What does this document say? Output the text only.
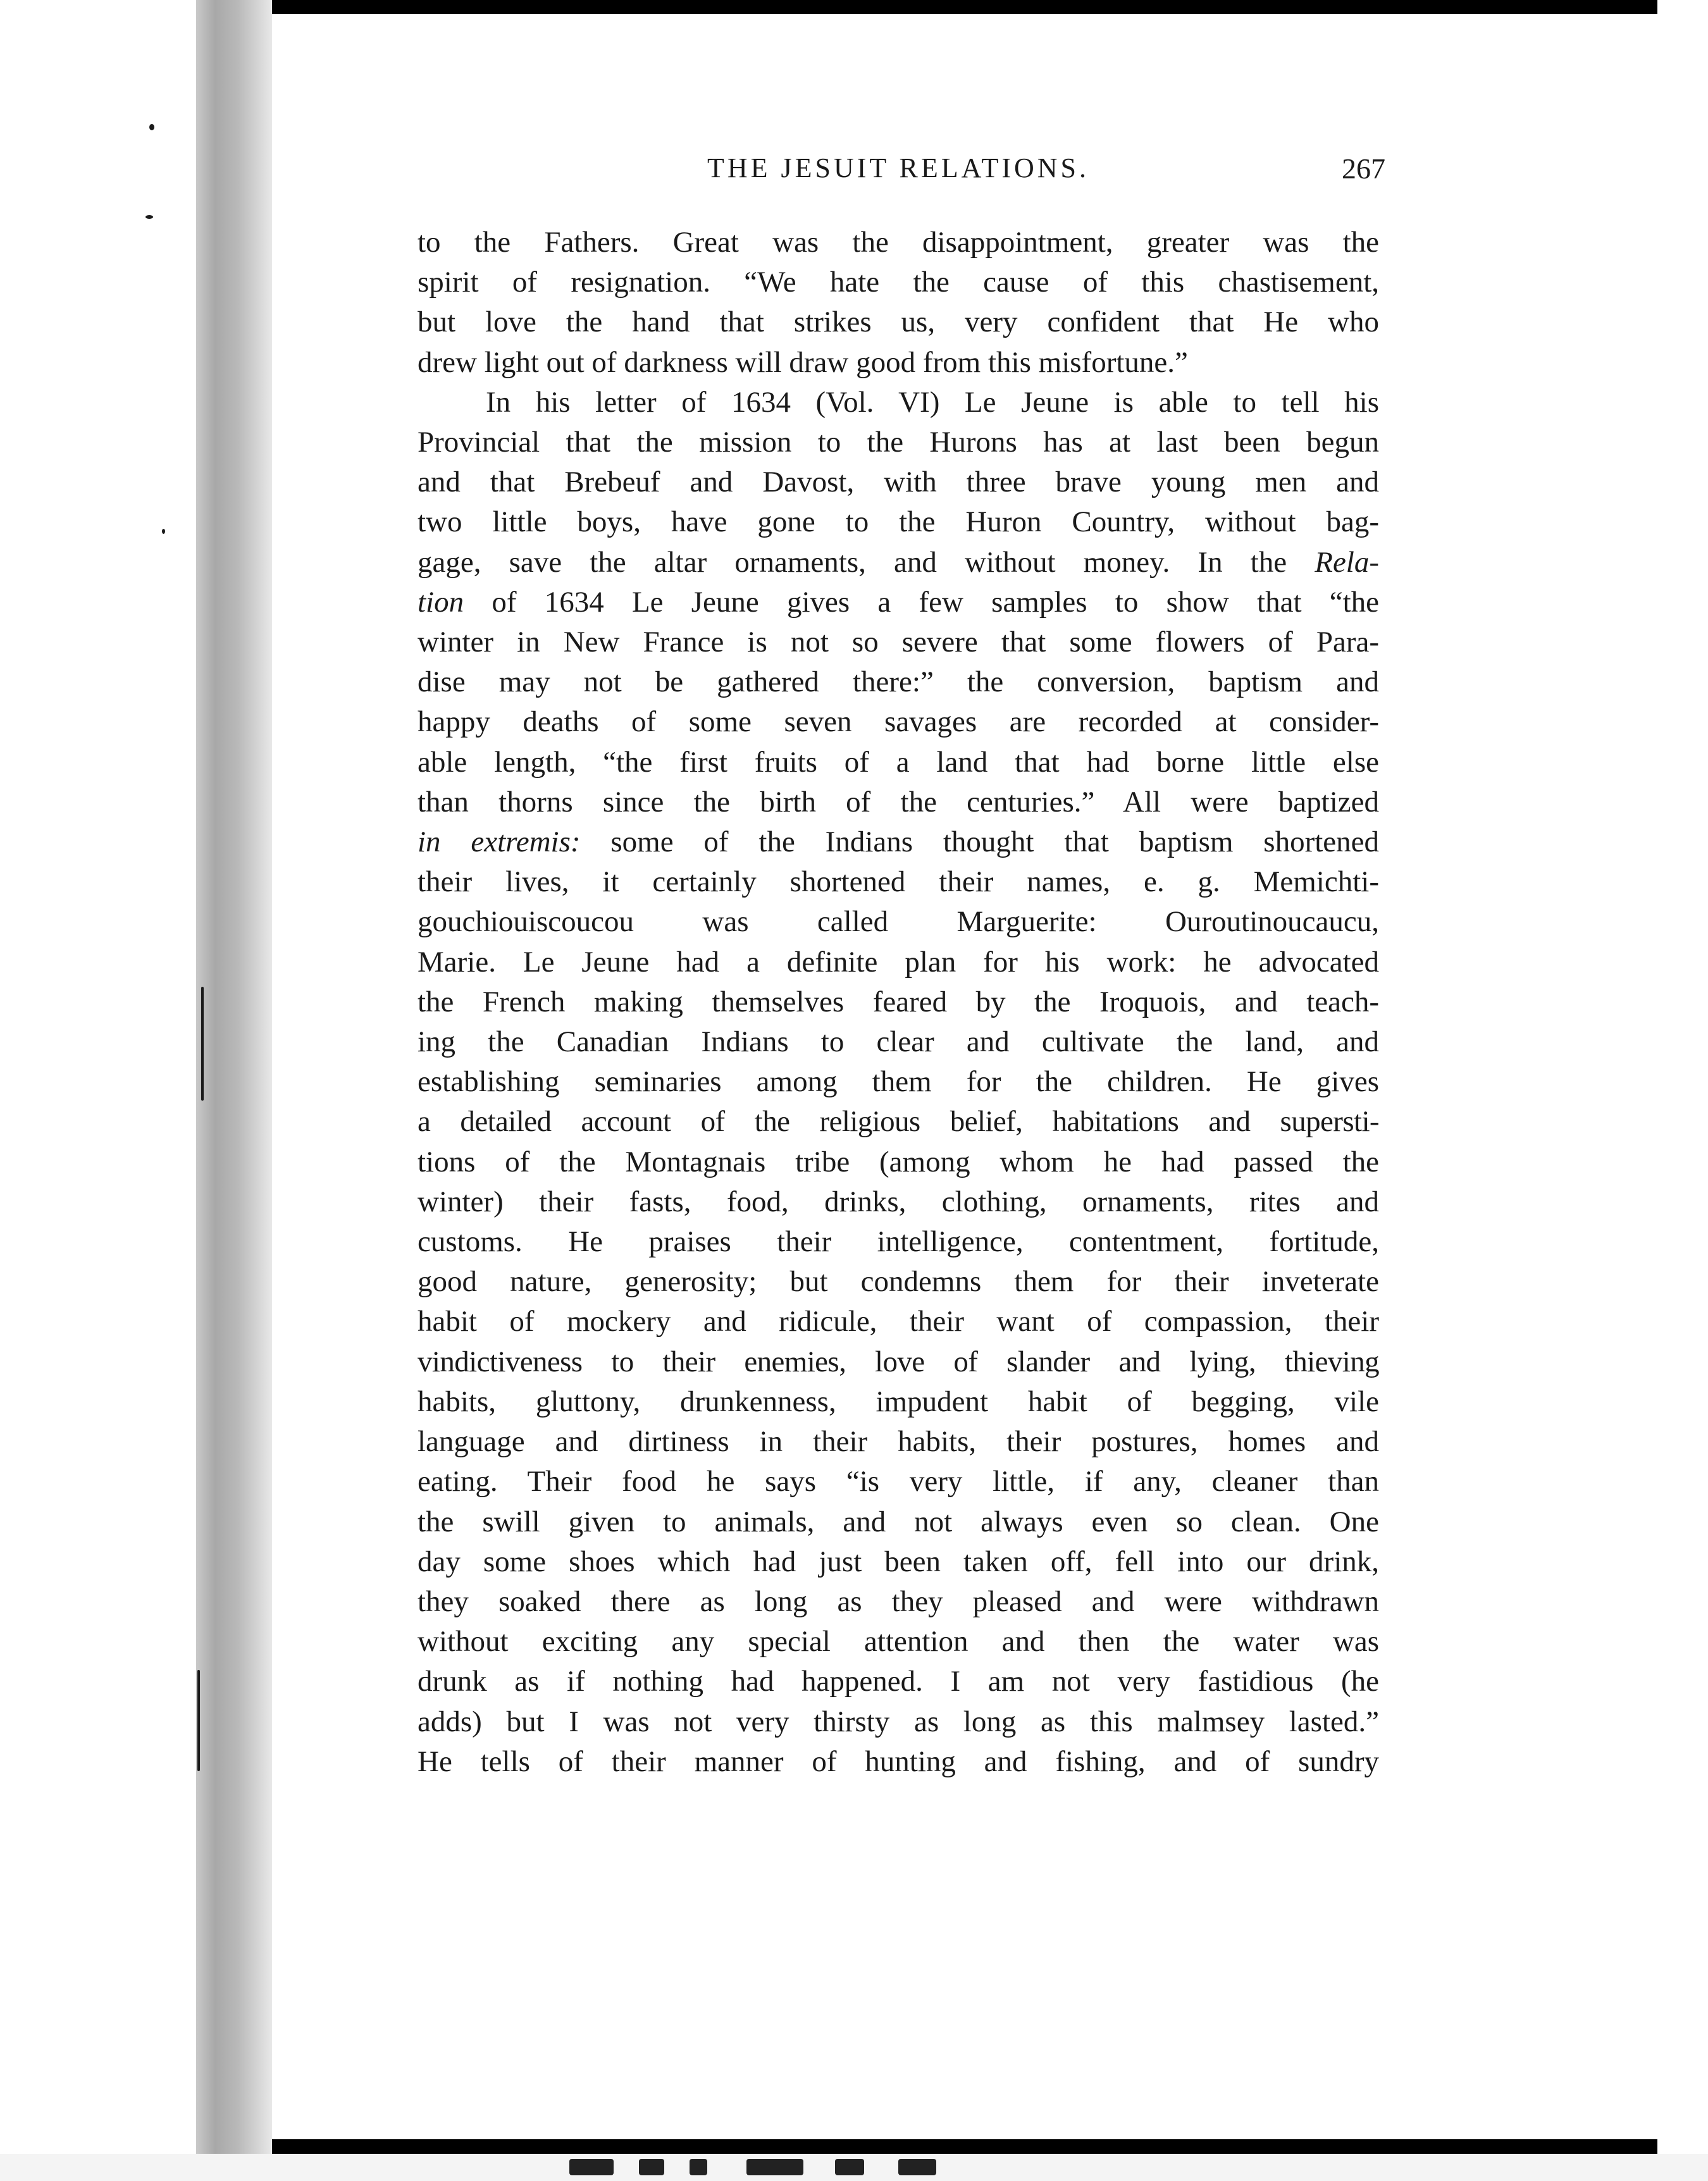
THE JESUIT RELATIONS.	267
to the Fathers. Great was the disappointment, greater was the
spirit of resignation. “We hate the cause of this chastisement,
but love the hand that strikes us, very confident that He who
drew light out of darkness will draw good from this misfortune.”
In his letter of 1634 (Vol. VI) Le Jeune is able to tell his
Provincial that the mission to the Hurons has at last been begun
and that Brebeuf and Davost, with three brave young men and
two little boys, have gone to the Huron Country, without bag-
gage, save the altar ornaments, and without money. In the Rela-
tion of 1634 Le Jeune gives a few samples to show that “the
winter in New France is not so severe that some flowers of Para-
dise may not be gathered there:” the conversion, baptism and
happy deaths of some seven savages are recorded at consider-
able length, “the first fruits of a land that had borne little else
than thorns since the birth of the centuries.” All were baptized
in extremis: some of the Indians thought that baptism shortened
their lives, it certainly shortened their names, e. g. Memichti-
gouchiouiscoucou was called Marguerite: Ouroutinoucaucu,
Marie. Le Jeune had a definite plan for his work: he advocated
the French making themselves feared by the Iroquois, and teach-
ing the Canadian Indians to clear and cultivate the land, and
establishing seminaries among them for the children. He gives
a detailed account of the religious belief, habitations and supersti-
tions of the Montagnais tribe (among whom he had passed the
winter) their fasts, food, drinks, clothing, ornaments, rites and
customs. He praises their intelligence, contentment, fortitude,
good nature, generosity; but condemns them for their inveterate
habit of mockery and ridicule, their want of compassion, their
vindictiveness to their enemies, love of slander and lying, thieving
habits, gluttony, drunkenness, impudent habit of begging, vile
language and dirtiness in their habits, their postures, homes and
eating. Their food he says “is very little, if any, cleaner than
the swill given to animals, and not always even so clean. One
day some shoes which had just been taken off, fell into our drink,
they soaked there as long as they pleased and were withdrawn
without exciting any special attention and then the water was
drunk as if nothing had happened. I am not very fastidious (he
adds) but I was not very thirsty as long as this malmsey lasted.”
He tells of their manner of hunting and fishing, and of sundry
